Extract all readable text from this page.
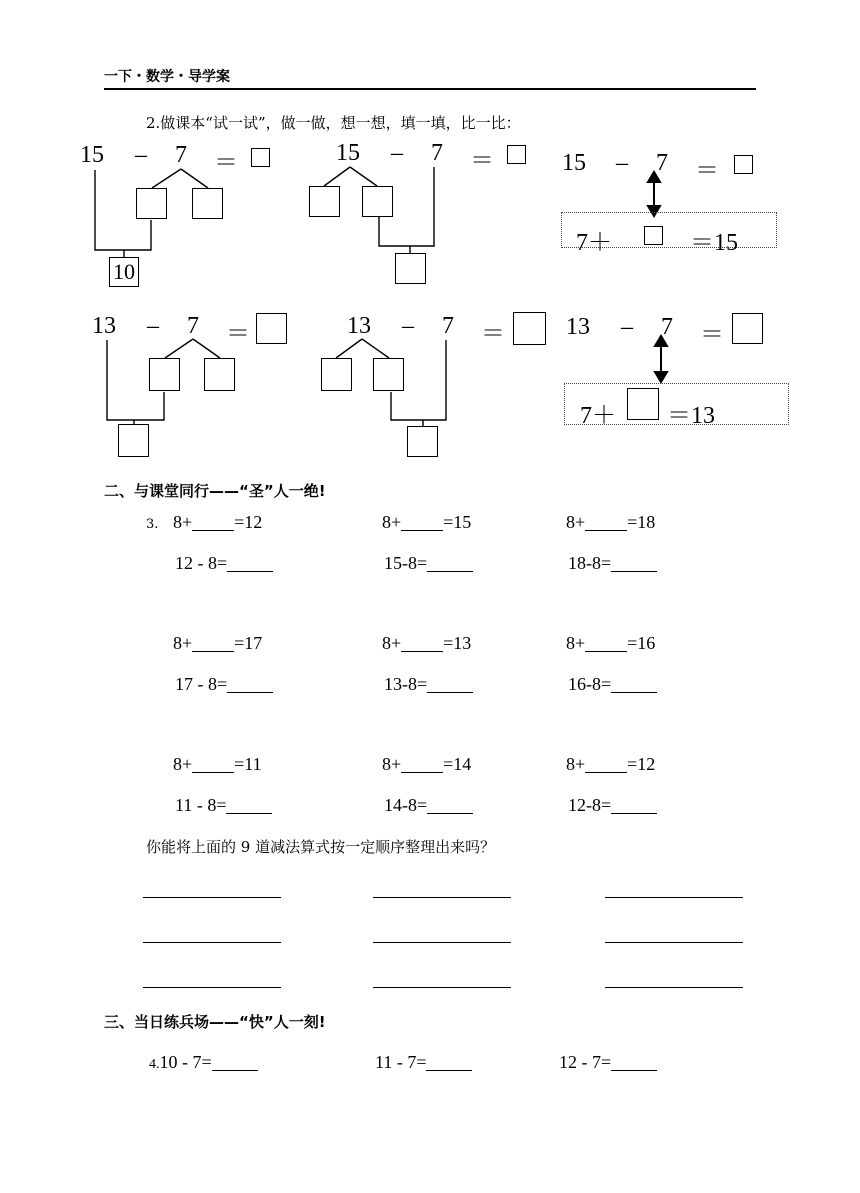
一下・数学・导学案
2.做课本“试一试”，做一做，想一想，填一填，比一比：
15 – 7 ＝
10
15 – 7 ＝	15 – 7 ＝
7＋	＝15
13 – 7 ＝	13 – 7 ＝	13 – 7 ＝
7＋ ＝13
二、与课堂同行——“圣”人一绝!
3. 8+ =12	8+ =15	8+ =18
12 - 8=	15-8=	18-8=
8+ =17	8+ =13	8+ =16
17 - 8=	13-8=	16-8=
8+ =11	8+ =14	8+ =12
11 - 8=	14-8=	12-8=
你能将上面的 9 道减法算式按一定顺序整理出来吗？
三、当日练兵场——“快”人一刻!
4.10 - 7=	11 - 7=	12 - 7=
